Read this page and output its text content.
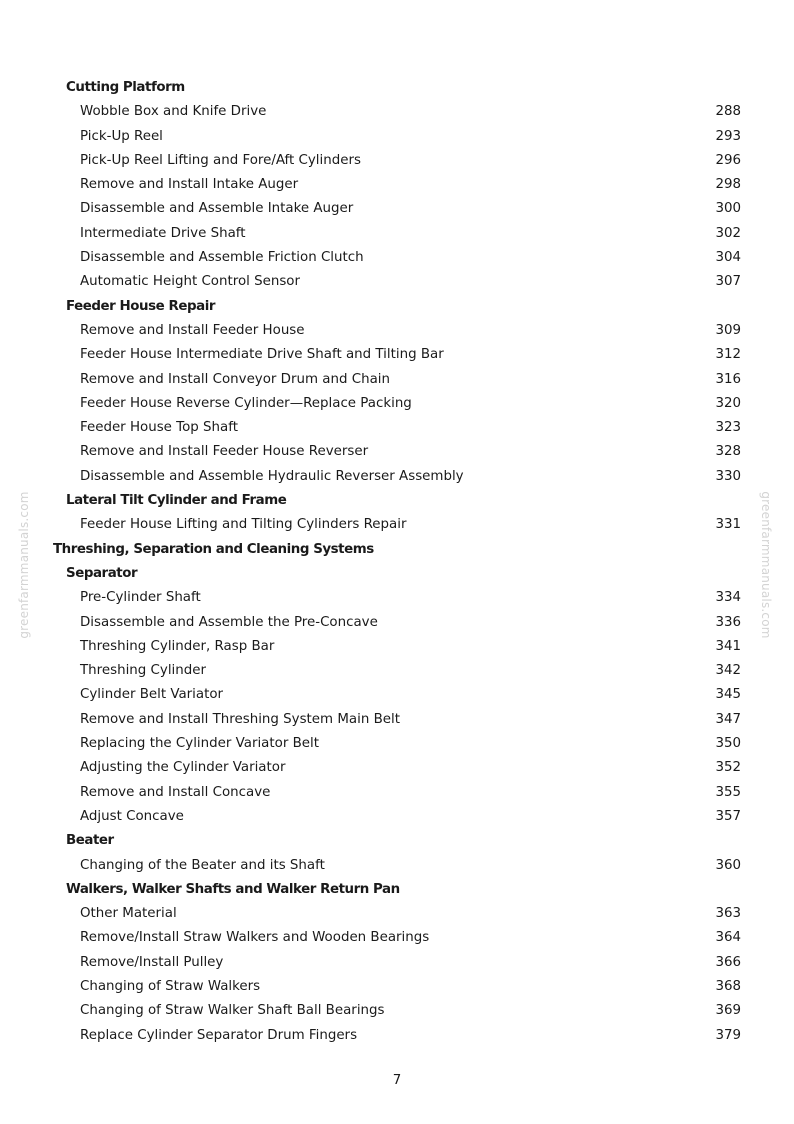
greenfarmmanuals.com	greenfarmmanuals.com
Cutting Platform
Wobble Box and Knife Drive	288
Pick-Up Reel	293
Pick-Up Reel Lifting and Fore/Aft Cylinders	296
Remove and Install Intake Auger	298
Disassemble and Assemble Intake Auger	300
Intermediate Drive Shaft	302
Disassemble and Assemble Friction Clutch	304
Automatic Height Control Sensor	307
Feeder House Repair
Remove and Install Feeder House	309
Feeder House Intermediate Drive Shaft and Tilting Bar	312
Remove and Install Conveyor Drum and Chain	316
Feeder House Reverse Cylinder—Replace Packing	320
Feeder House Top Shaft	323
Remove and Install Feeder House Reverser	328
Disassemble and Assemble Hydraulic Reverser Assembly	330
Lateral Tilt Cylinder and Frame
Feeder House Lifting and Tilting Cylinders Repair	331
Threshing, Separation and Cleaning Systems
Separator
Pre-Cylinder Shaft	334
Disassemble and Assemble the Pre-Concave	336
Threshing Cylinder, Rasp Bar	341
Threshing Cylinder	342
Cylinder Belt Variator	345
Remove and Install Threshing System Main Belt	347
Replacing the Cylinder Variator Belt	350
Adjusting the Cylinder Variator	352
Remove and Install Concave	355
Adjust Concave	357
Beater
Changing of the Beater and its Shaft	360
Walkers, Walker Shafts and Walker Return Pan
Other Material	363
Remove/Install Straw Walkers and Wooden Bearings	364
Remove/Install Pulley	366
Changing of Straw Walkers	368
Changing of Straw Walker Shaft Ball Bearings	369
Replace Cylinder Separator Drum Fingers	379
7
